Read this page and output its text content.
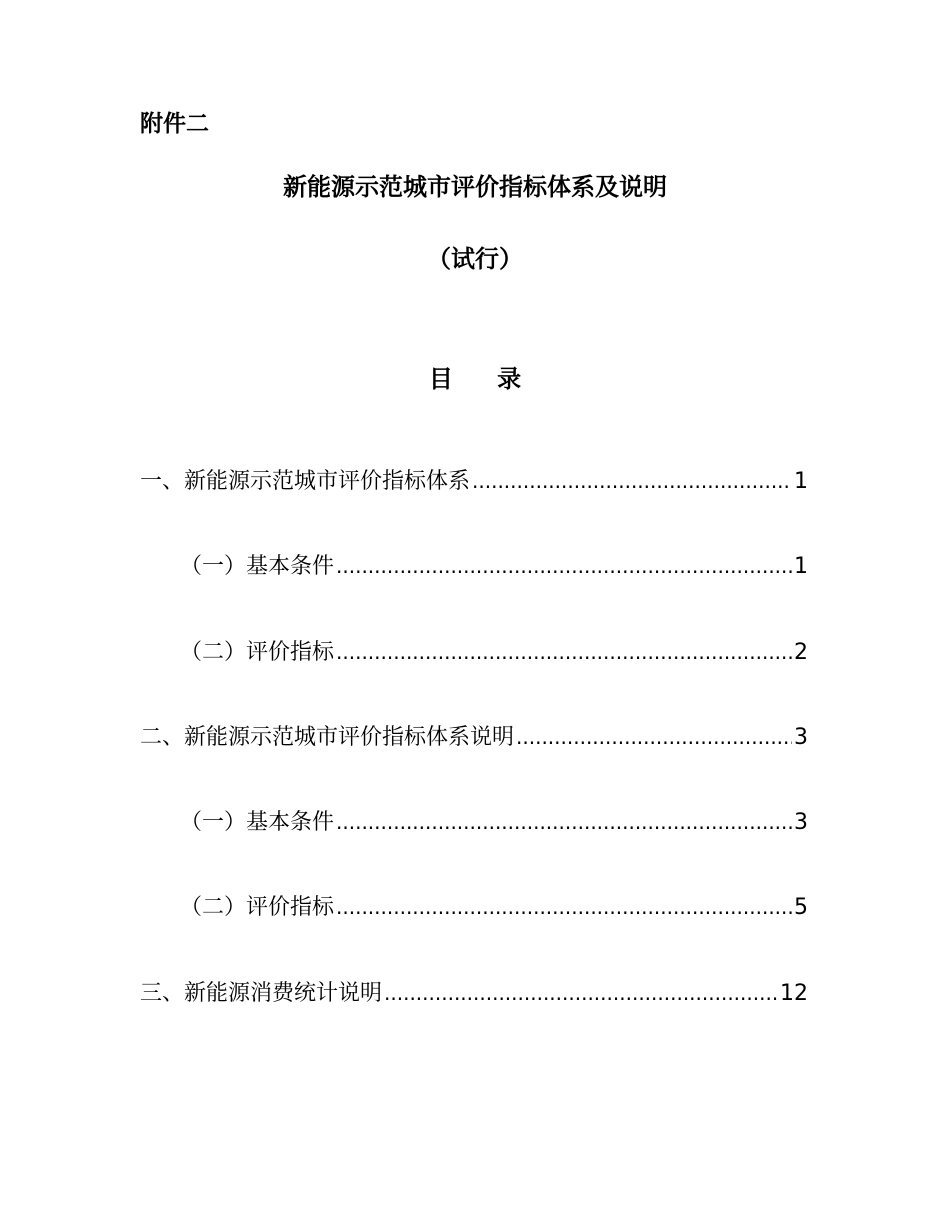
附件二
新能源示范城市评价指标体系及说明
（试行）
目 录
一、新能源示范城市评价指标体系 .....	1
（一）基本条件 .....	1
（二）评价指标 .....	2
二、新能源示范城市评价指标体系说明 .....	3
（一）基本条件 .....	3
（二）评价指标 .....	5
三、新能源消费统计说明 .....	12
